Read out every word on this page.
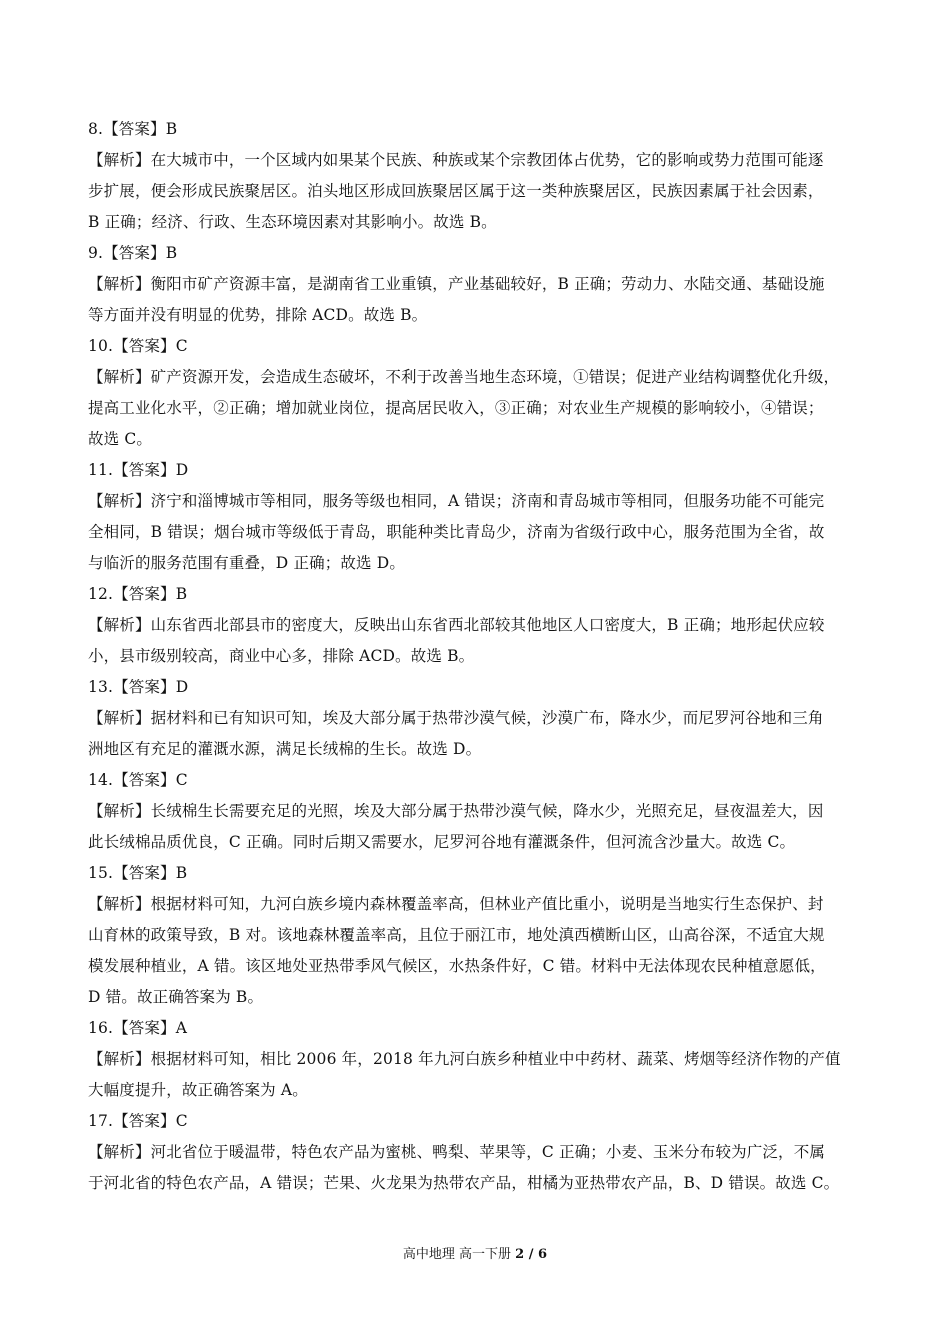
8.【答案】B
【解析】在大城市中，一个区域内如果某个民族、种族或某个宗教团体占优势，它的影响或势力范围可能逐
步扩展，便会形成民族聚居区。泊头地区形成回族聚居区属于这一类种族聚居区，民族因素属于社会因素，
B 正确；经济、行政、生态环境因素对其影响小。故选 B。
9.【答案】B
【解析】衡阳市矿产资源丰富，是湖南省工业重镇，产业基础较好，B 正确；劳动力、水陆交通、基础设施
等方面并没有明显的优势，排除 ACD。故选 B。
10.【答案】C
【解析】矿产资源开发，会造成生态破坏，不利于改善当地生态环境，①错误；促进产业结构调整优化升级，
提高工业化水平，②正确；增加就业岗位，提高居民收入，③正确；对农业生产规模的影响较小，④错误；
故选 C。
11.【答案】D
【解析】济宁和淄博城市等相同，服务等级也相同，A 错误；济南和青岛城市等相同，但服务功能不可能完
全相同，B 错误；烟台城市等级低于青岛，职能种类比青岛少，济南为省级行政中心，服务范围为全省，故
与临沂的服务范围有重叠，D 正确；故选 D。
12.【答案】B
【解析】山东省西北部县市的密度大，反映出山东省西北部较其他地区人口密度大，B 正确；地形起伏应较
小，县市级别较高，商业中心多，排除 ACD。故选 B。
13.【答案】D
【解析】据材料和已有知识可知，埃及大部分属于热带沙漠气候，沙漠广布，降水少，而尼罗河谷地和三角
洲地区有充足的灌溉水源，满足长绒棉的生长。故选 D。
14.【答案】C
【解析】长绒棉生长需要充足的光照，埃及大部分属于热带沙漠气候，降水少，光照充足，昼夜温差大，因
此长绒棉品质优良，C 正确。同时后期又需要水，尼罗河谷地有灌溉条件，但河流含沙量大。故选 C。
15.【答案】B
【解析】根据材料可知，九河白族乡境内森林覆盖率高，但林业产值比重小，说明是当地实行生态保护、封
山育林的政策导致，B 对。该地森林覆盖率高，且位于丽江市，地处滇西横断山区，山高谷深，不适宜大规
模发展种植业，A 错。该区地处亚热带季风气候区，水热条件好，C 错。材料中无法体现农民种植意愿低，
D 错。故正确答案为 B。
16.【答案】A
【解析】根据材料可知，相比 2006 年，2018 年九河白族乡种植业中中药材、蔬菜、烤烟等经济作物的产值
大幅度提升，故正确答案为 A。
17.【答案】C
【解析】河北省位于暖温带，特色农产品为蜜桃、鸭梨、苹果等，C 正确；小麦、玉米分布较为广泛，不属
于河北省的特色农产品，A 错误；芒果、火龙果为热带农产品，柑橘为亚热带农产品，B、D 错误。故选 C。
高中地理 高一下册 2 / 6
